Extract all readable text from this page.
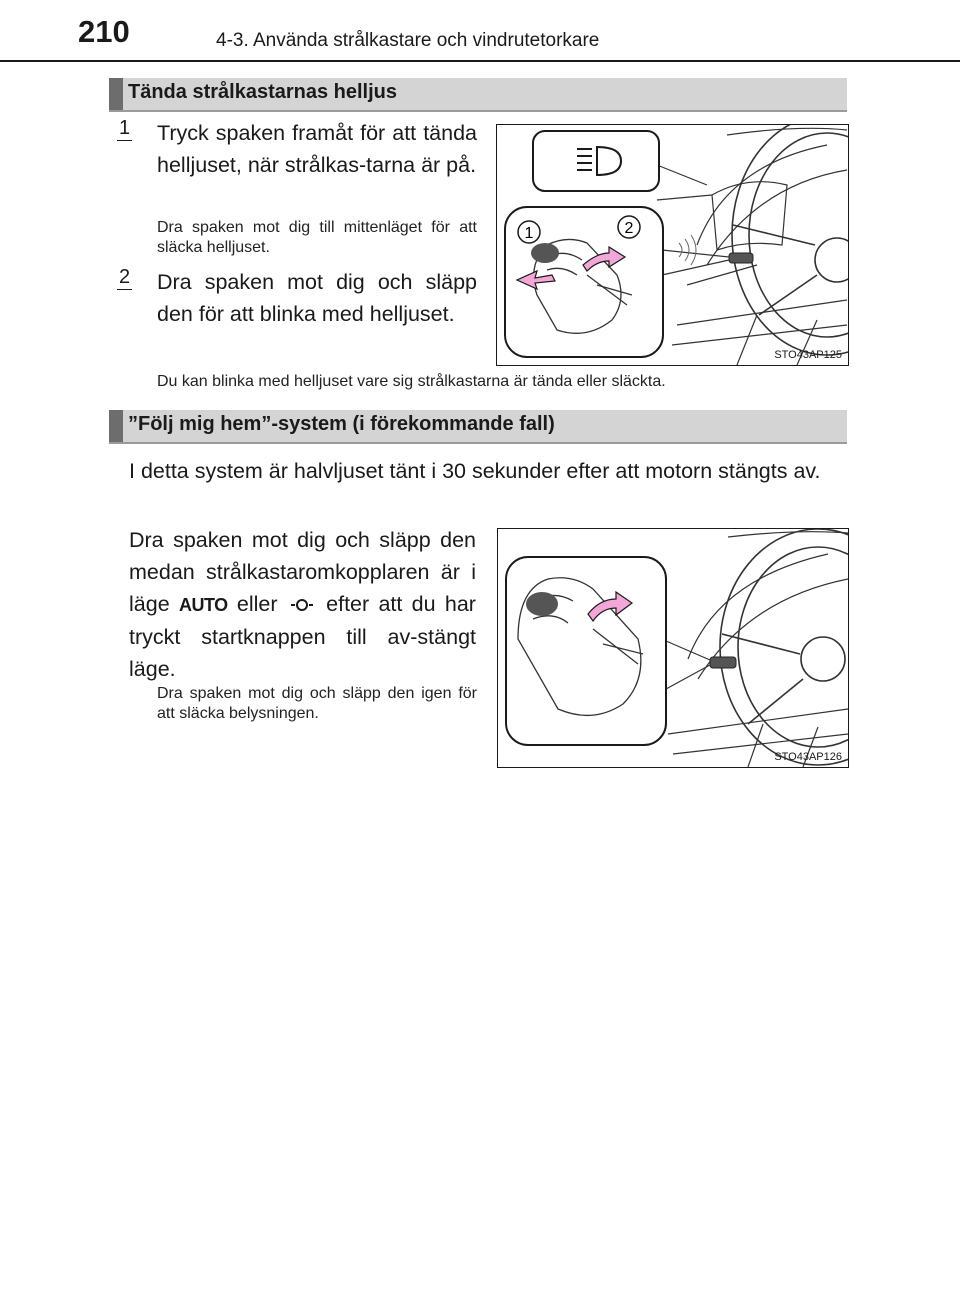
210	4-3. Använda strålkastare och vindrutetorkare
Tända strålkastarnas helljus
1 Tryck spaken framåt för att tända helljuset, när strålkas-tarna är på.
Dra spaken mot dig till mittenläget för att släcka helljuset.
2 Dra spaken mot dig och släpp den för att blinka med helljuset.
1	2
STO43AP125
Du kan blinka med helljuset vare sig strålkastarna är tända eller släckta.
”Följ mig hem”-system (i förekommande fall)
I detta system är halvljuset tänt i 30 sekunder efter att motorn stängts av.
Dra spaken mot dig och släpp den medan strålkastaromkopplaren är i läge AUTO eller efter att du har tryckt startknappen till av-stängt läge.
Dra spaken mot dig och släpp den igen för att släcka belysningen.
STO43AP126
